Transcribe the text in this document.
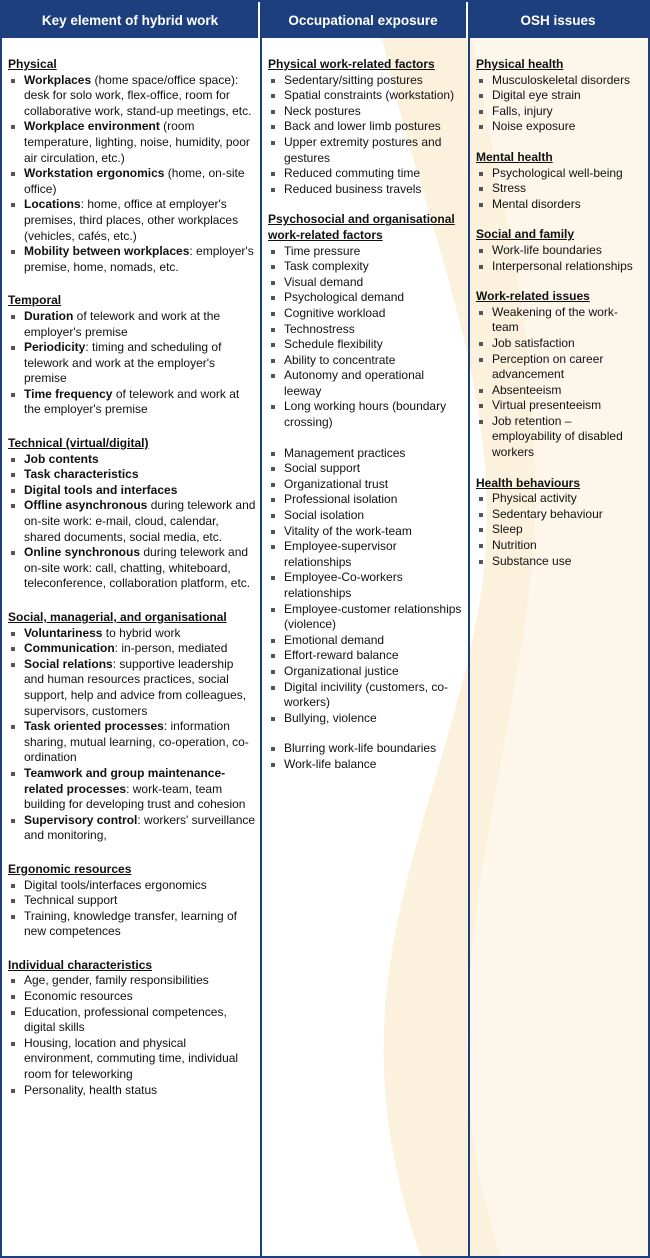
Key element of hybrid work	Occupational exposure	OSH issues
Physical
Workplaces (home space/office space): desk for solo work, flex-office, room for collaborative work, stand-up meetings, etc.
Workplace environment (room temperature, lighting, noise, humidity, poor air circulation, etc.)
Workstation ergonomics (home, on-site office)
Locations: home, office at employer's premises, third places, other workplaces (vehicles, cafés, etc.)
Mobility between workplaces: employer's premise, home, nomads, etc.
Temporal
Duration of telework and work at the employer's premise
Periodicity: timing and scheduling of telework and work at the employer's premise
Time frequency of telework and work at the employer's premise
Technical (virtual/digital)
Job contents
Task characteristics
Digital tools and interfaces
Offline asynchronous during telework and on-site work: e-mail, cloud, calendar, shared documents, social media, etc.
Online synchronous during telework and on-site work: call, chatting, whiteboard, teleconference, collaboration platform, etc.
Social, managerial, and organisational
Voluntariness to hybrid work
Communication: in-person, mediated
Social relations: supportive leadership and human resources practices, social support, help and advice from colleagues, supervisors, customers
Task oriented processes: information sharing, mutual learning, co-operation, co-ordination
Teamwork and group maintenance-related processes: work-team, team building for developing trust and cohesion
Supervisory control: workers' surveillance and monitoring,
Ergonomic resources
Digital tools/interfaces ergonomics
Technical support
Training, knowledge transfer, learning of new competences
Individual characteristics
Age, gender, family responsibilities
Economic resources
Education, professional competences, digital skills
Housing, location and physical environment, commuting time, individual room for teleworking
Personality, health status
Physical work-related factors
Sedentary/sitting postures
Spatial constraints (workstation)
Neck postures
Back and lower limb postures
Upper extremity postures and gestures
Reduced commuting time
Reduced business travels
Psychosocial and organisational work-related factors
Time pressure
Task complexity
Visual demand
Psychological demand
Cognitive workload
Technostress
Schedule flexibility
Ability to concentrate
Autonomy and operational leeway
Long working hours (boundary crossing)
Management practices
Social support
Organizational trust
Professional isolation
Social isolation
Vitality of the work-team
Employee-supervisor relationships
Employee-Co-workers relationships
Employee-customer relationships (violence)
Emotional demand
Effort-reward balance
Organizational justice
Digital incivility (customers, co-workers)
Bullying, violence
Blurring work-life boundaries
Work-life balance
Physical health
Musculoskeletal disorders
Digital eye strain
Falls, injury
Noise exposure
Mental health
Psychological well-being
Stress
Mental disorders
Social and family
Work-life boundaries
Interpersonal relationships
Work-related issues
Weakening of the work-team
Job satisfaction
Perception on career advancement
Absenteeism
Virtual presenteeism
Job retention – employability of disabled workers
Health behaviours
Physical activity
Sedentary behaviour
Sleep
Nutrition
Substance use
